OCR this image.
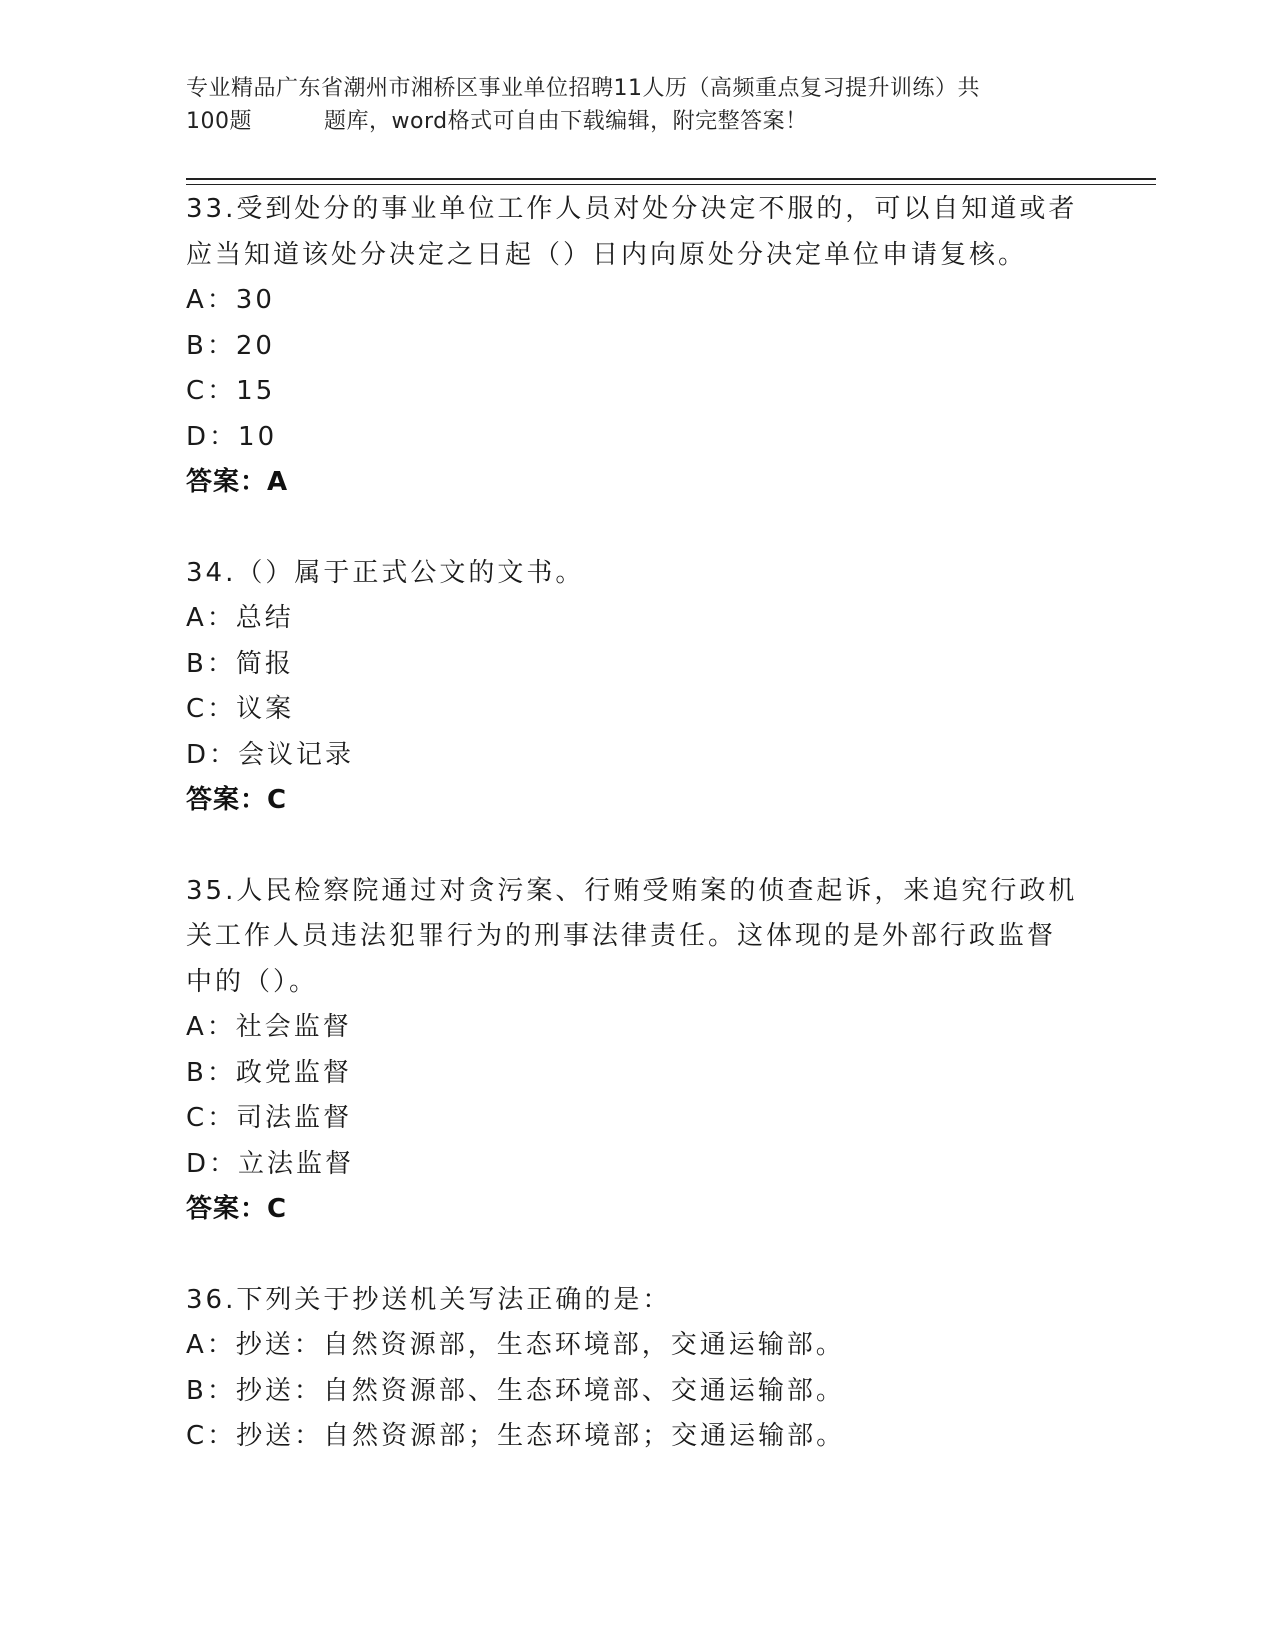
专业精品广东省潮州市湘桥区事业单位招聘11人历（高频重点复习提升训练）共
100题	题库，word格式可自由下载编辑，附完整答案！
33.受到处分的事业单位工作人员对处分决定不服的，可以自知道或者
应当知道该处分决定之日起（）日内向原处分决定单位申请复核。
A：30
B：20
C：15
D：10
答案：A
34.（）属于正式公文的文书。
A：总结
B：简报
C：议案
D：会议记录
答案：C
35.人民检察院通过对贪污案、行贿受贿案的侦查起诉，来追究行政机
关工作人员违法犯罪行为的刑事法律责任。这体现的是外部行政监督
中的（）。
A：社会监督
B：政党监督
C：司法监督
D：立法监督
答案：C
36.下列关于抄送机关写法正确的是：
A：抄送：自然资源部，生态环境部，交通运输部。
B：抄送：自然资源部、生态环境部、交通运输部。
C：抄送：自然资源部；生态环境部；交通运输部。
